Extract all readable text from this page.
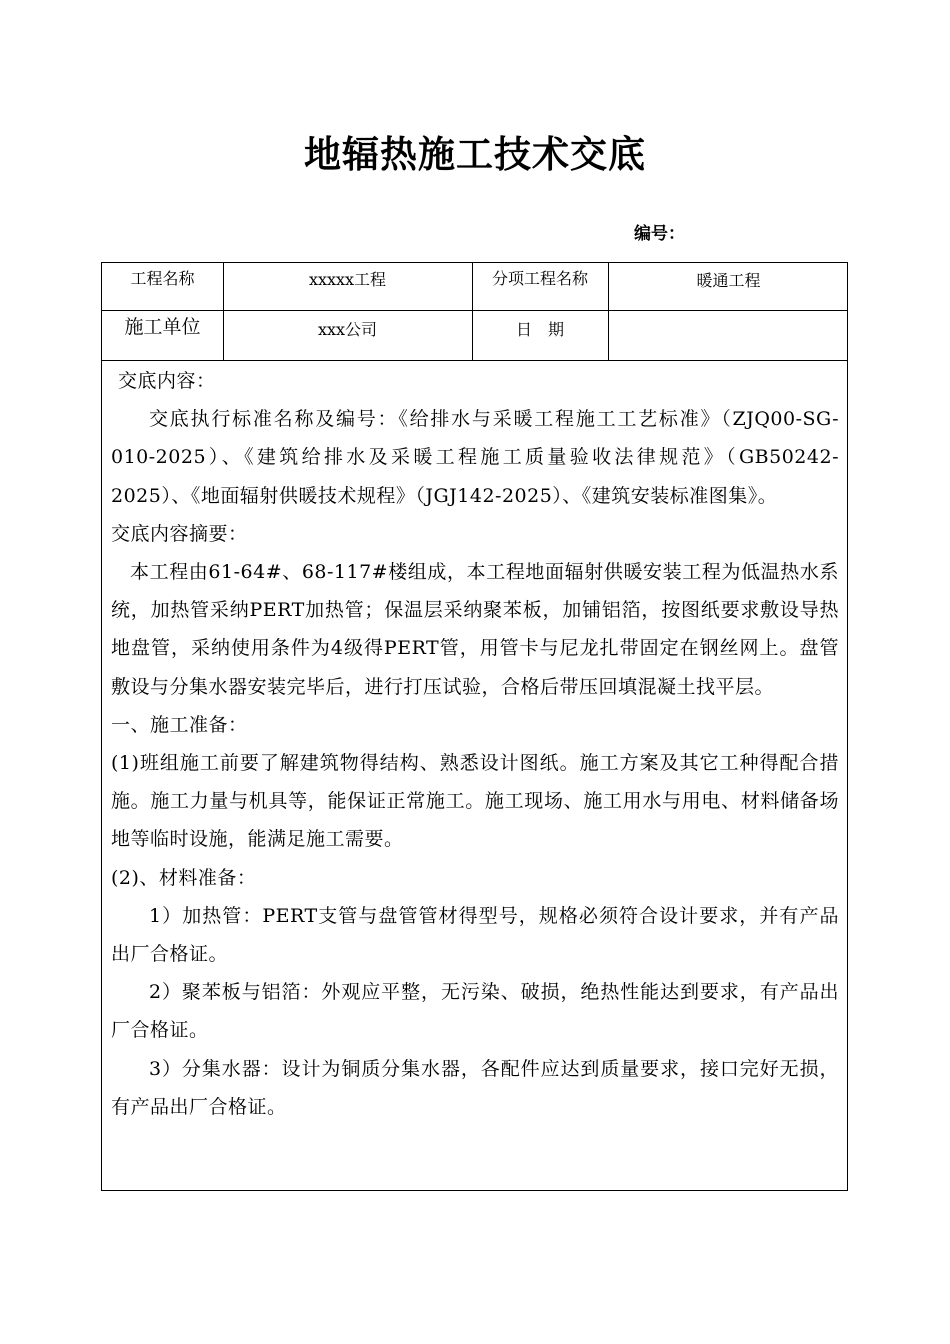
地辐热施工技术交底
编号：
工程名称	xxxxx工程	分项工程名称	暖通工程
施工单位	xxx公司	日　期

交底内容：

交底执行标准名称及编号：《给排水与采暖工程施工工艺标准》（ZJQ00-SG-010-2025）、《建筑给排水及采暖工程施工质量验收法律规范》（GB50242-2025）、《地面辐射供暖技术规程》（JGJ142-2025）、《建筑安装标准图集》。

交底内容摘要：

本工程由61-64#、68-117#楼组成，本工程地面辐射供暖安装工程为低温热水系统，加热管采纳PERT加热管；保温层采纳聚苯板，加铺铝箔，按图纸要求敷设导热地盘管，采纳使用条件为4级得PERT管，用管卡与尼龙扎带固定在钢丝网上。盘管敷设与分集水器安装完毕后，进行打压试验，合格后带压回填混凝土找平层。

一、施工准备：

(1)班组施工前要了解建筑物得结构、熟悉设计图纸。施工方案及其它工种得配合措施。施工力量与机具等，能保证正常施工。施工现场、施工用水与用电、材料储备场地等临时设施，能满足施工需要。

(2)、材料准备：

1）加热管：PERT支管与盘管管材得型号，规格必须符合设计要求，并有产品出厂合格证。

2）聚苯板与铝箔：外观应平整，无污染、破损，绝热性能达到要求，有产品出厂合格证。

3）分集水器：设计为铜质分集水器，各配件应达到质量要求，接口完好无损，有产品出厂合格证。
